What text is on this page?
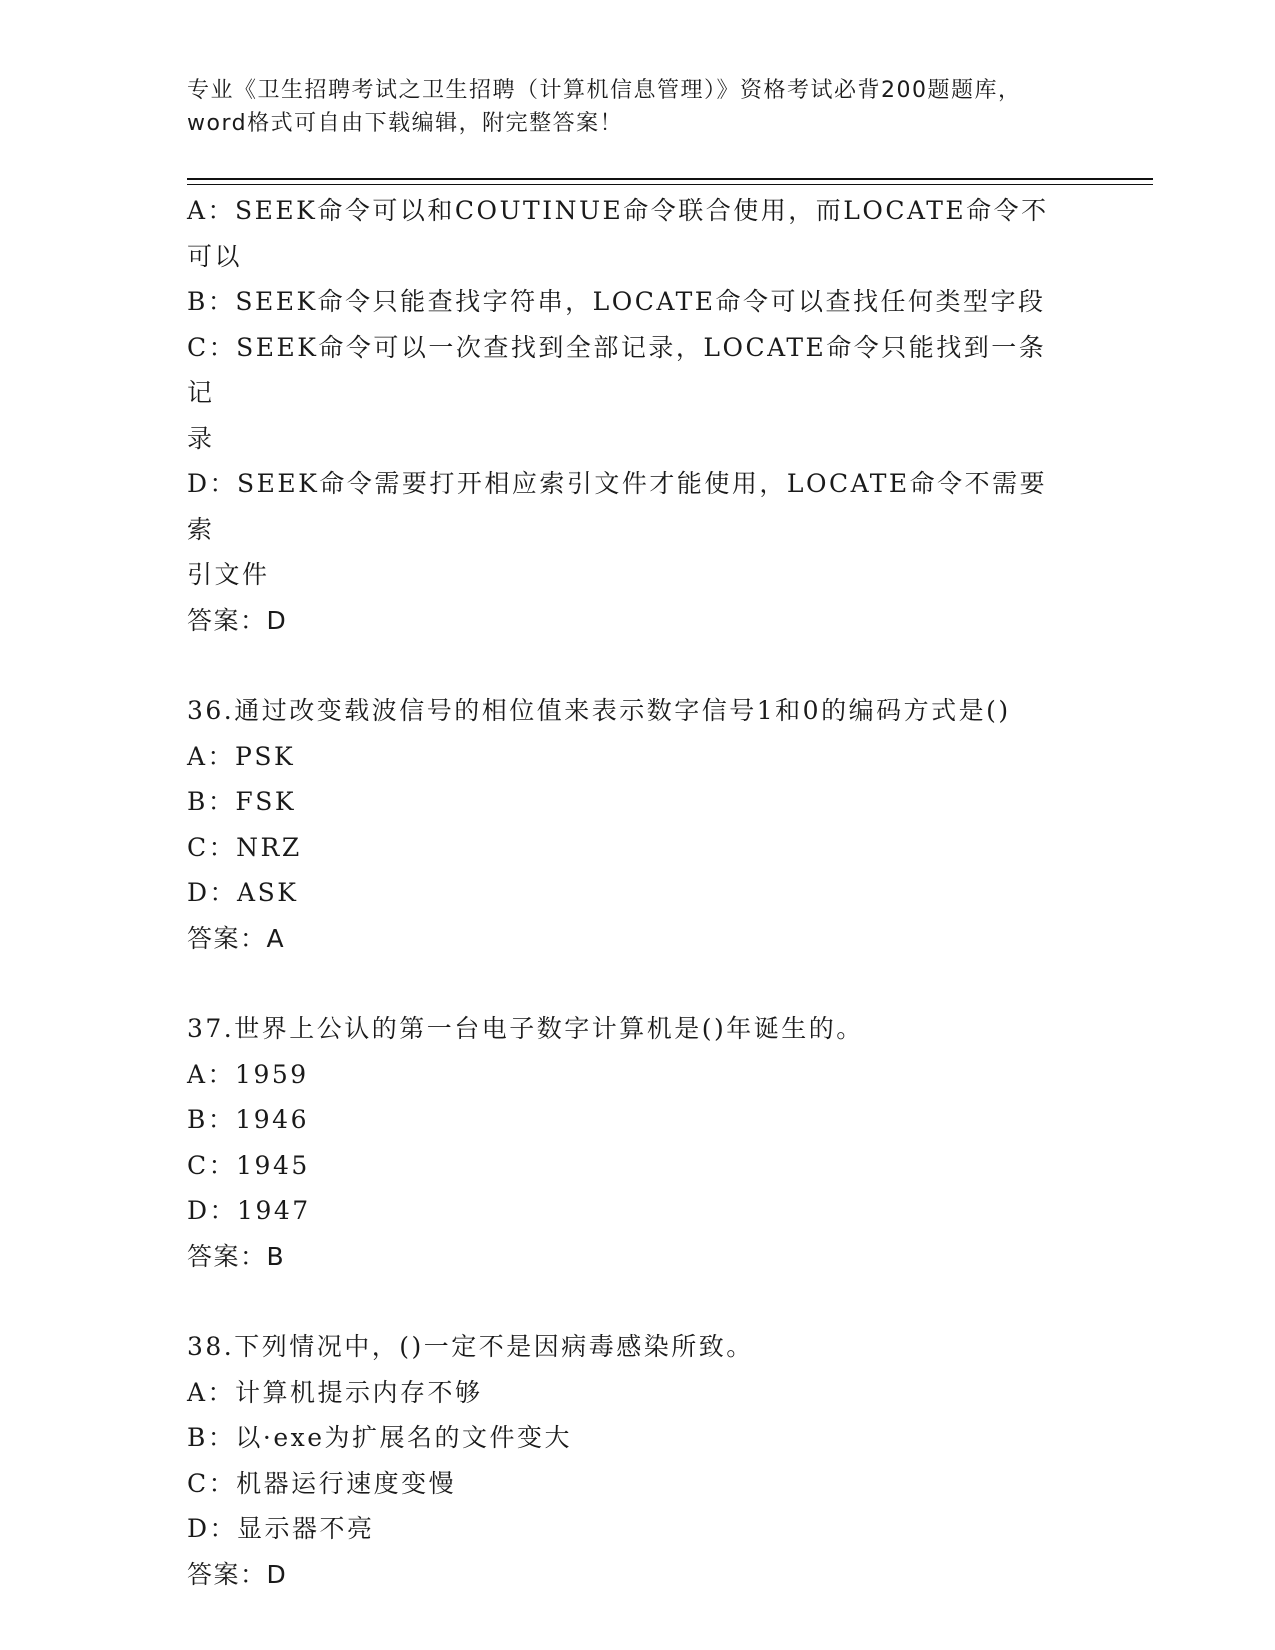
专业《卫生招聘考试之卫生招聘（计算机信息管理）》资格考试必背200题题库，
word格式可自由下载编辑，附完整答案！
A：SEEK命令可以和COUTINUE命令联合使用，而LOCATE命令不可以
B：SEEK命令只能查找字符串，LOCATE命令可以查找任何类型字段
C：SEEK命令可以一次查找到全部记录，LOCATE命令只能找到一条记
录
D：SEEK命令需要打开相应索引文件才能使用，LOCATE命令不需要索
引文件
答案：D
36.通过改变载波信号的相位值来表示数字信号1和0的编码方式是()
A：PSK
B：FSK
C：NRZ
D：ASK
答案：A
37.世界上公认的第一台电子数字计算机是()年诞生的。
A：1959
B：1946
C：1945
D：1947
答案：B
38.下列情况中，()一定不是因病毒感染所致。
A：计算机提示内存不够
B：以·exe为扩展名的文件变大
C：机器运行速度变慢
D：显示器不亮
答案：D
